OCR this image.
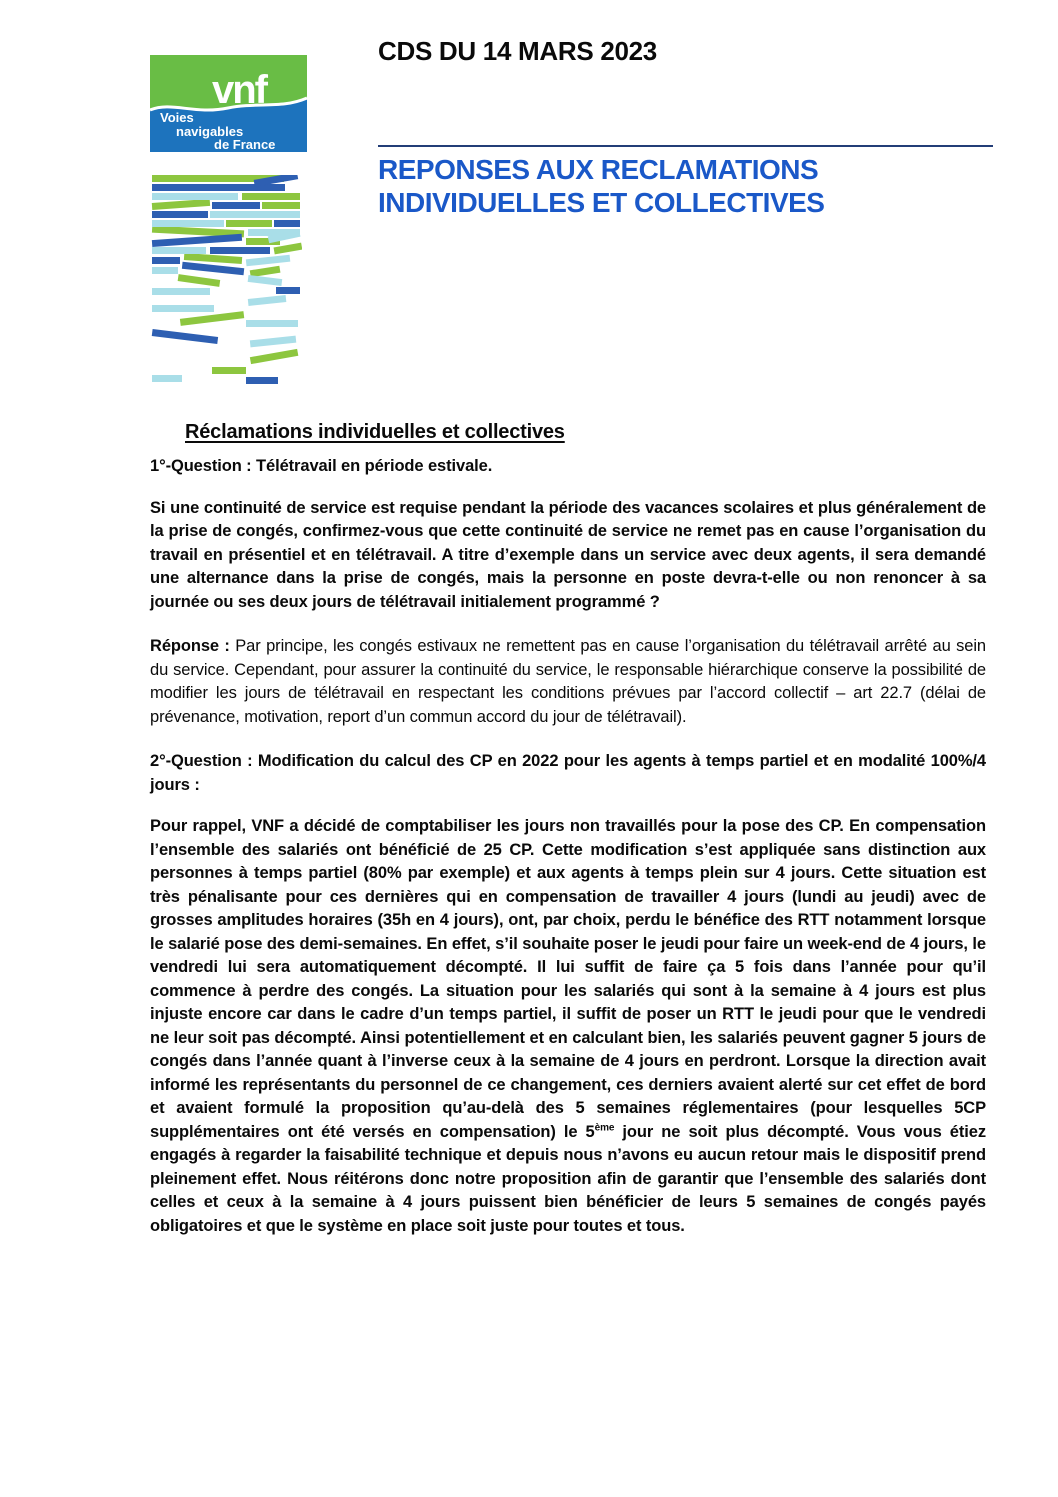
vnf
Voies
navigables
de France
CDS DU 14 MARS 2023
REPONSES AUX RECLAMATIONS
INDIVIDUELLES ET COLLECTIVES
Réclamations individuelles et collectives

1°-Question : Télétravail en période estivale.

Si une continuité de service est requise pendant la période des vacances scolaires et plus généralement de la prise de congés, confirmez-vous que cette continuité de service ne remet pas en cause l’organisation du travail en présentiel et en télétravail. A titre d’exemple dans un service avec deux agents, il sera demandé une alternance dans la prise de congés, mais la personne en poste devra-t-elle ou non renoncer à sa journée ou ses deux jours de télétravail initialement programmé ?

Réponse : Par principe, les congés estivaux ne remettent pas en cause l’organisation du télétravail arrêté au sein du service. Cependant, pour assurer la continuité du service, le responsable hiérarchique conserve la possibilité de modifier les jours de télétravail en respectant les conditions prévues par l’accord collectif – art 22.7 (délai de prévenance, motivation, report d’un commun accord du jour de télétravail).

2°-Question : Modification du calcul des CP en 2022 pour les agents à temps partiel et en modalité 100%/4 jours :

Pour rappel, VNF a décidé de comptabiliser les jours non travaillés pour la pose des CP. En compensation l’ensemble des salariés ont bénéficié de 25 CP. Cette modification s’est appliquée sans distinction aux personnes à temps partiel (80% par exemple) et aux agents à temps plein sur 4 jours. Cette situation est très pénalisante pour ces dernières qui en compensation de travailler 4 jours (lundi au jeudi) avec de grosses amplitudes horaires (35h en 4 jours), ont, par choix, perdu le bénéfice des RTT notamment lorsque le salarié pose des demi-semaines. En effet, s’il souhaite poser le jeudi pour faire un week-end de 4 jours, le vendredi lui sera automatiquement décompté. Il lui suffit de faire ça 5 fois dans l’année pour qu’il commence à perdre des congés. La situation pour les salariés qui sont à la semaine à 4 jours est plus injuste encore car dans le cadre d’un temps partiel, il suffit de poser un RTT le jeudi pour que le vendredi ne leur soit pas décompté. Ainsi potentiellement et en calculant bien, les salariés peuvent gagner 5 jours de congés dans l’année quant à l’inverse ceux à la semaine de 4 jours en perdront. Lorsque la direction avait informé les représentants du personnel de ce changement, ces derniers avaient alerté sur cet effet de bord et avaient formulé la proposition qu’au-delà des 5 semaines réglementaires (pour lesquelles 5CP supplémentaires ont été versés en compensation) le 5ème jour ne soit plus décompté. Vous vous étiez engagés à regarder la faisabilité technique et depuis nous n’avons eu aucun retour mais le dispositif prend pleinement effet. Nous réitérons donc notre proposition afin de garantir que l’ensemble des salariés dont celles et ceux à la semaine à 4 jours puissent bien bénéficier de leurs 5 semaines de congés payés obligatoires et que le système en place soit juste pour toutes et tous.
